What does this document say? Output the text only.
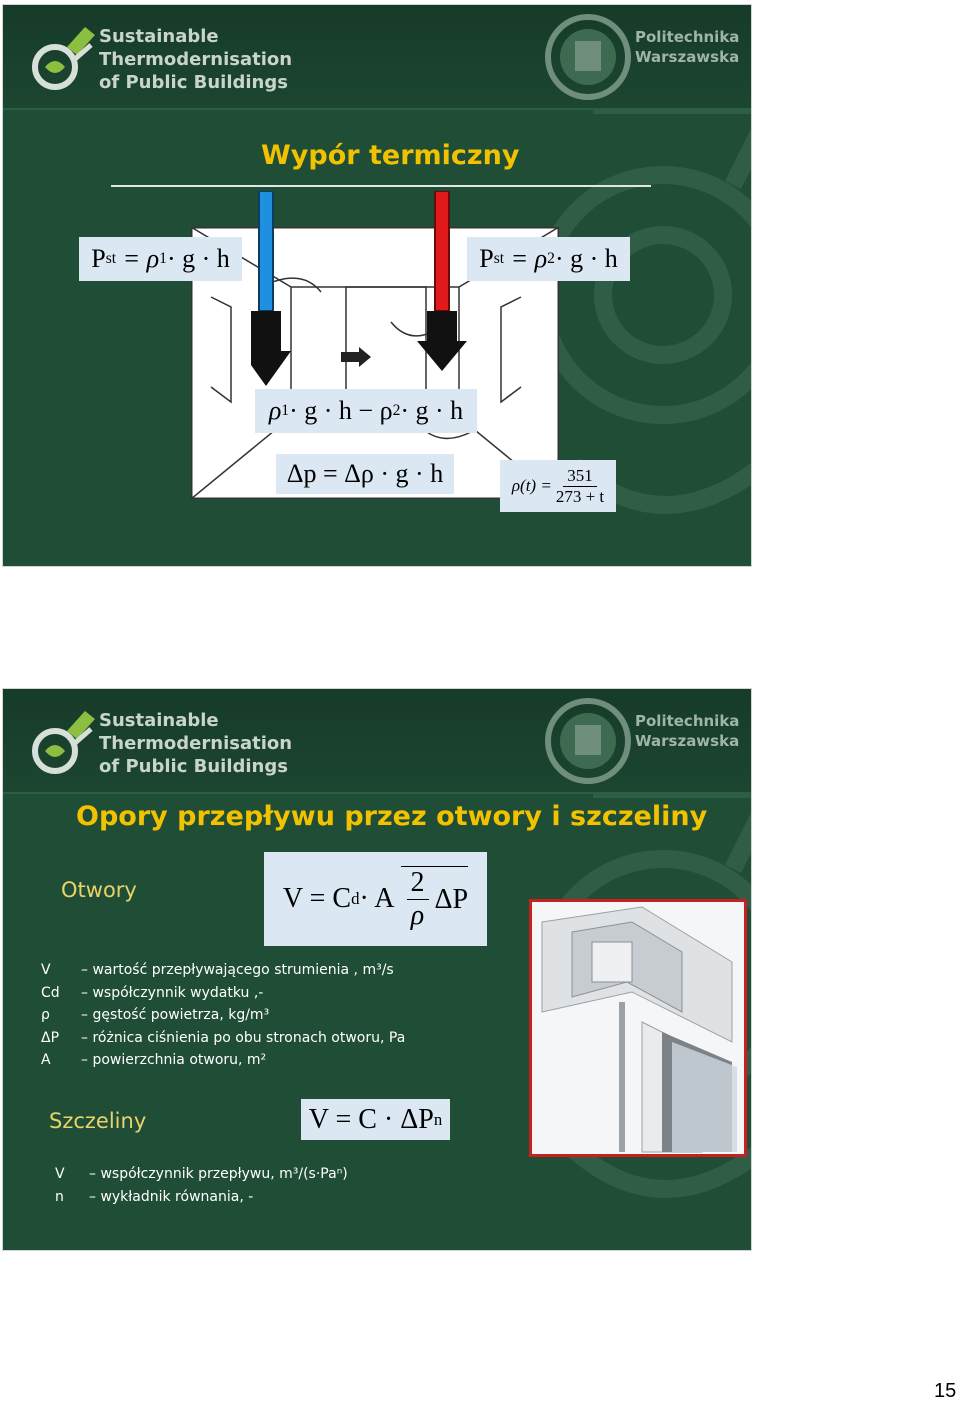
Sustainable
Thermodernisation
of Public Buildings
Politechnika
Warszawska
Wypór termiczny
P st
= ρ 1 · g · h	P st
= ρ 2 · g · h
ρ 1 · g · h − ρ 2 · g · h
Δp = Δρ · g · h	$\rho(t) = \frac{351}{273 + t}$
Sustainable
Thermodernisation
of Public Buildings
Politechnika
Warszawska
Opory przepływu przez otwory i szczeliny
Otwory	V = C d · A $\frac{2}{\rho}$ ΔP
V	– wartość przepływającego strumienia , m³/s
Cd	– współczynnik wydatku ,-
ρ	– gęstość powietrza, kg/m³
ΔP	– różnica ciśnienia po obu stronach otworu, Pa
A	– powierzchnia otworu, m²
Szczeliny	V = C · ΔP n
V	– współczynnik przepływu, m³/(s·Paⁿ)
n	– wykładnik równania, -
15
